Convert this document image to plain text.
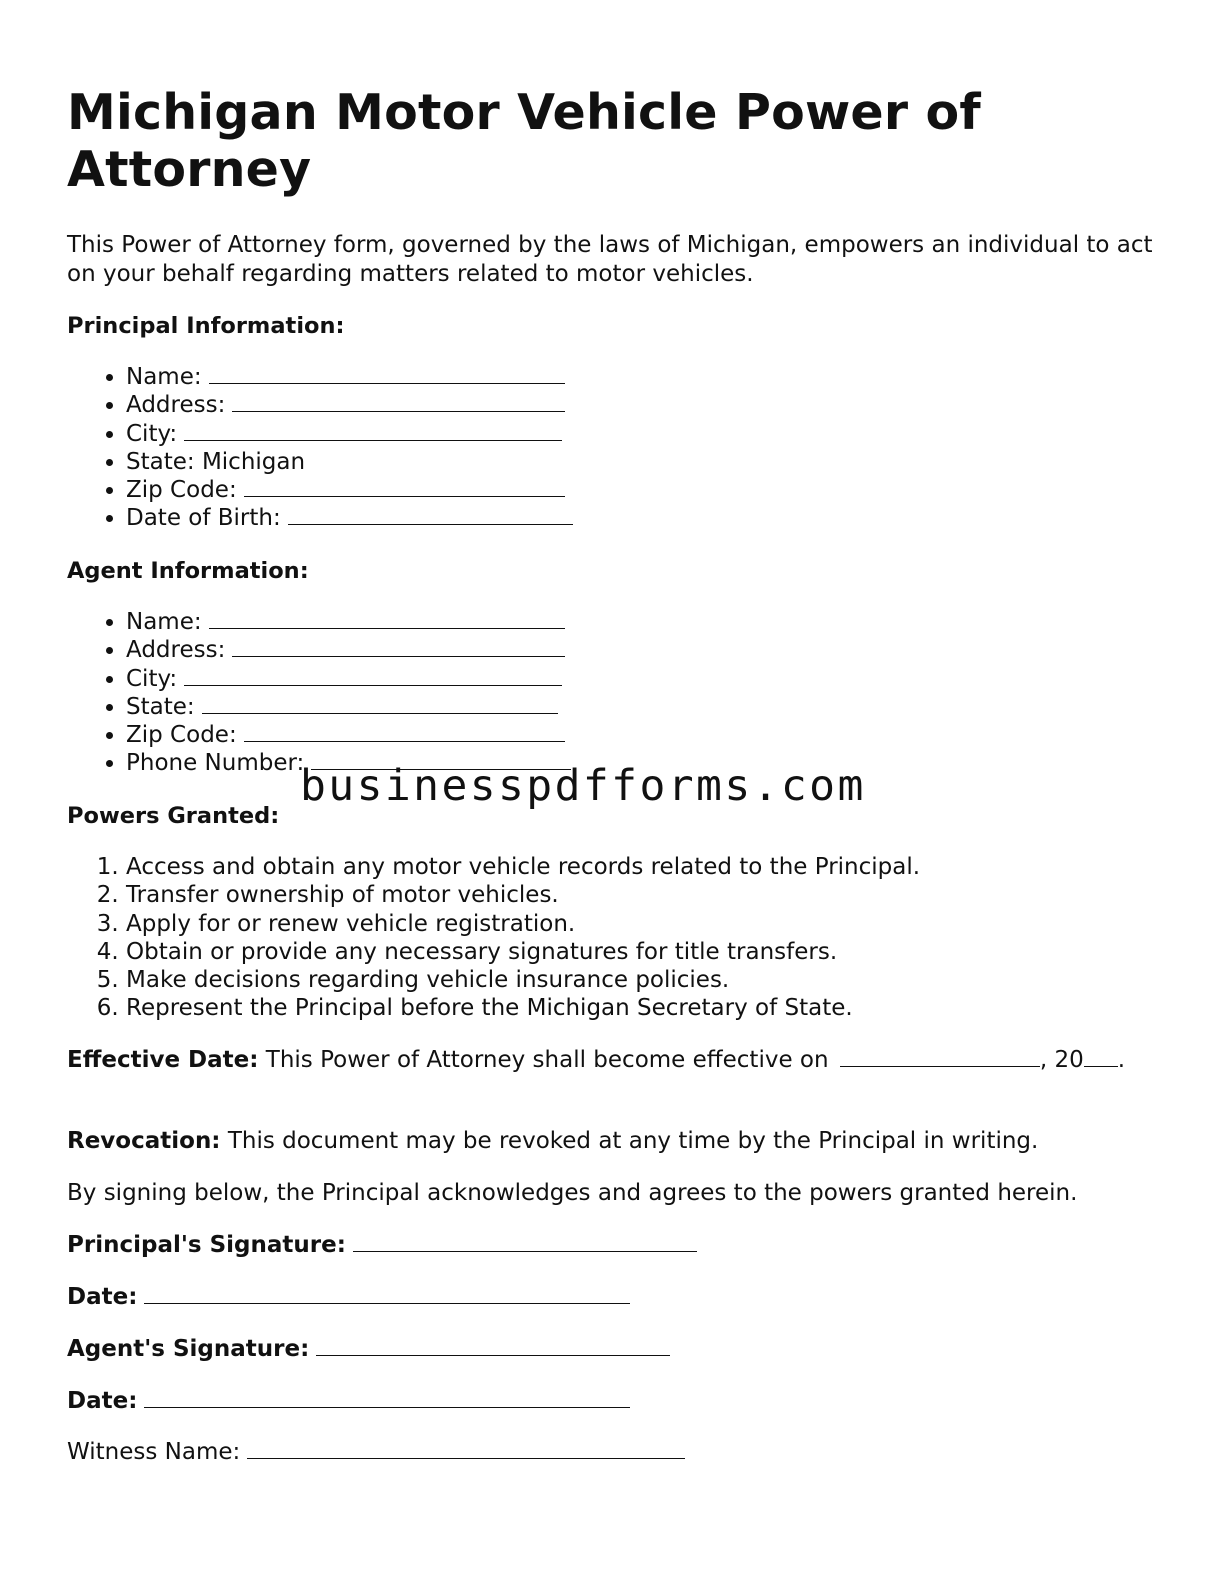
Michigan Motor Vehicle Power of Attorney

This Power of Attorney form, governed by the laws of Michigan, empowers an individual to act on your behalf regarding matters related to motor vehicles.

Principal Information:

• Name:
• Address:
• City:
• State: Michigan
• Zip Code:
• Date of Birth:

Agent Information:

• Name:
• Address:
• City:
• State:
• Zip Code:
• Phone Number:

Powers Granted:

1. Access and obtain any motor vehicle records related to the Principal.
2. Transfer ownership of motor vehicles.
3. Apply for or renew vehicle registration.
4. Obtain or provide any necessary signatures for title transfers.
5. Make decisions regarding vehicle insurance policies.
6. Represent the Principal before the Michigan Secretary of State.

Effective Date: This Power of Attorney shall become effective on	, 20 .

Revocation: This document may be revoked at any time by the Principal in writing.

By signing below, the Principal acknowledges and agrees to the powers granted herein.

Principal's Signature:

Date:

Agent's Signature:

Date:

Witness Name:

businesspdfforms.com
